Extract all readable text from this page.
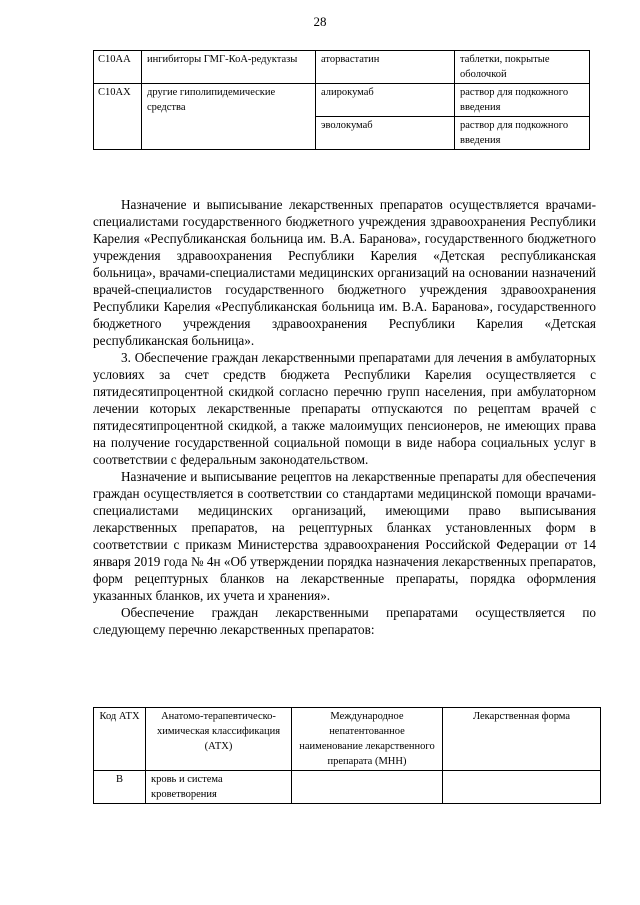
28
C10AA	ингибиторы ГМГ-КоА-редуктазы	аторвастатин	таблетки, покрытые оболочкой
C10AX	другие гиполипидемические средства	алирокумаб	раствор для подкожного введения
		эволокумаб	раствор для подкожного введения

Назначение и выписывание лекарственных препаратов осуществляется врачами-специалистами государственного бюджетного учреждения здравоохранения Республики Карелия «Республиканская больница им. В.А. Баранова», государственного бюджетного учреждения здравоохранения Республики Карелия «Детская республиканская больница», врачами-специалистами медицинских организаций на основании назначений врачей-специалистов государственного бюджетного учреждения здравоохранения Республики Карелия «Республиканская больница им. В.А. Баранова», государственного бюджетного учреждения здравоохранения Республики Карелия «Детская республиканская больница».

3. Обеспечение граждан лекарственными препаратами для лечения в амбулаторных условиях за счет средств бюджета Республики Карелия осуществляется с пятидесятипроцентной скидкой согласно перечню групп населения, при амбулаторном лечении которых лекарственные препараты отпускаются по рецептам врачей с пятидесятипроцентной скидкой, а также малоимущих пенсионеров, не имеющих права на получение государственной социальной помощи в виде набора социальных услуг в соответствии с федеральным законодательством.

Назначение и выписывание рецептов на лекарственные препараты для обеспечения граждан осуществляется в соответствии со стандартами медицинской помощи врачами-специалистами медицинских организаций, имеющими право выписывания лекарственных препаратов, на рецептурных бланках установленных форм в соответствии с приказм Министерства здравоохранения Российской Федерации от 14 января 2019 года № 4н «Об утверждении порядка назначения лекарственных препаратов, форм рецептурных бланков на лекарственные препараты, порядка оформления указанных бланков, их учета и хранения».

Обеспечение граждан лекарственными препаратами осуществляется по следующему перечню лекарственных препаратов:

Код АТХ	Анатомо-терапевтическо-химическая классификация (АТХ)	Международное непатентованное наименование лекарственного препарата (МНН)	Лекарственная форма
B	кровь и система кроветворения		
